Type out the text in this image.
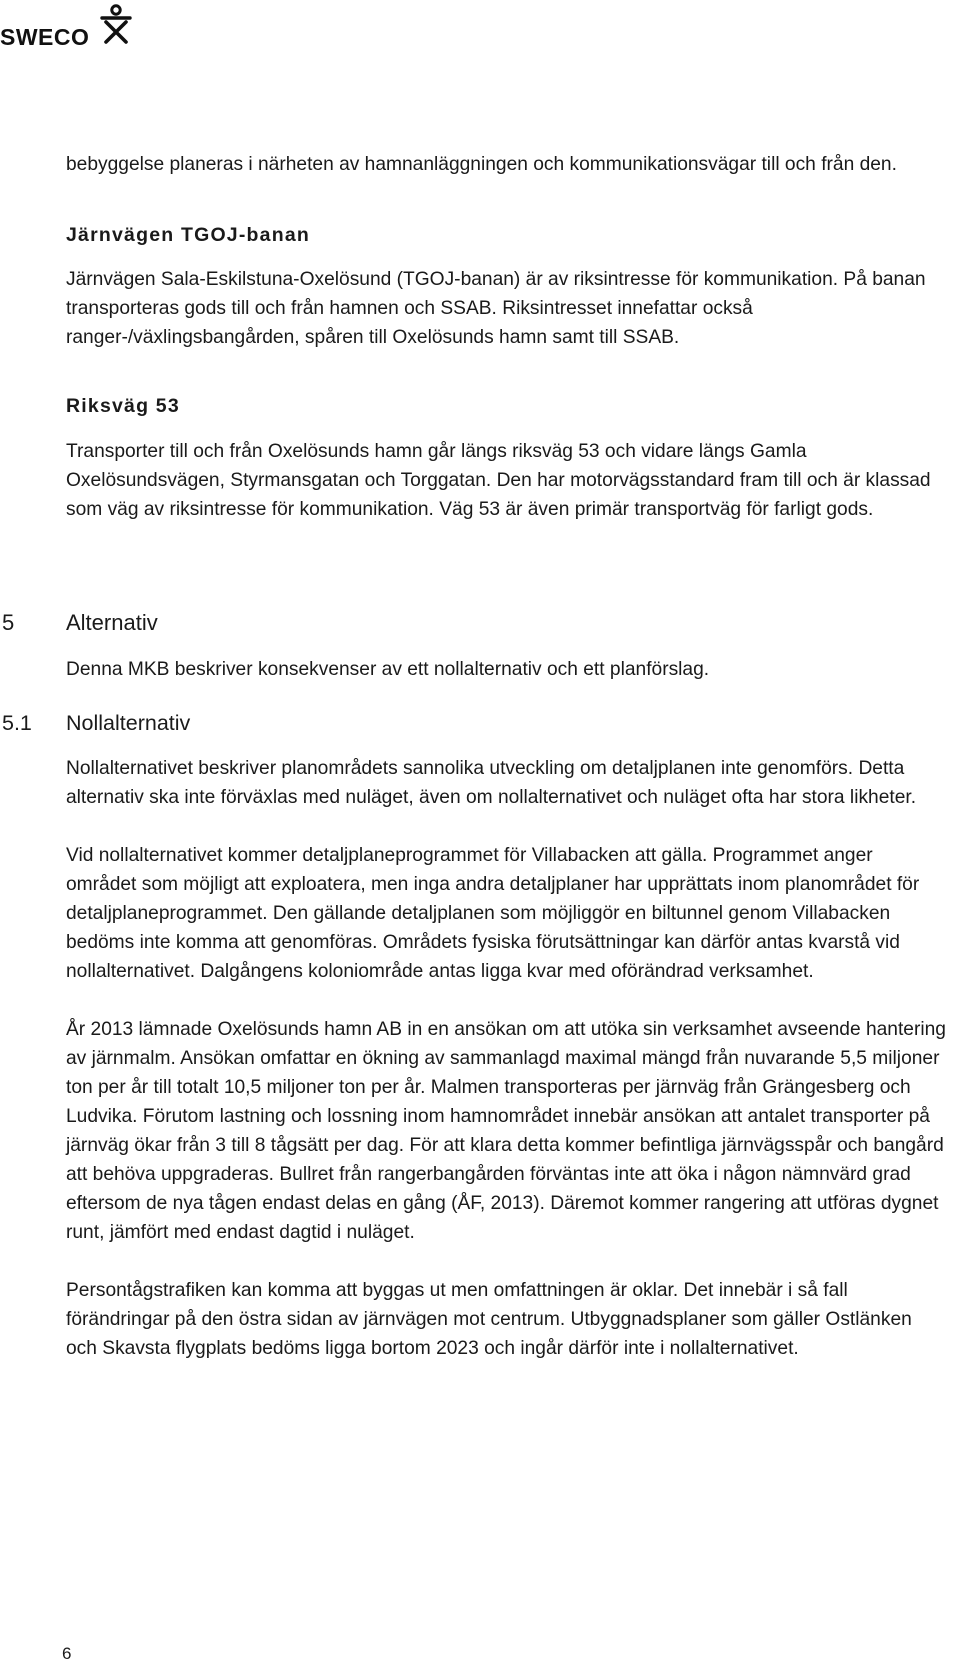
SWECO

bebyggelse planeras i närheten av hamnanläggningen och kommunikationsvägar till och från den.

Järnvägen TGOJ-banan

Järnvägen Sala-Eskilstuna-Oxelösund (TGOJ-banan) är av riksintresse för kommunikation. På banan transporteras gods till och från hamnen och SSAB. Riksintresset innefattar också ranger-/växlingsbangården, spåren till Oxelösunds hamn samt till SSAB.

Riksväg 53

Transporter till och från Oxelösunds hamn går längs riksväg 53 och vidare längs Gamla Oxelösundsvägen, Styrmansgatan och Torggatan. Den har motorvägsstandard fram till och är klassad som väg av riksintresse för kommunikation. Väg 53 är även primär transportväg för farligt gods.

5 Alternativ

Denna MKB beskriver konsekvenser av ett nollalternativ och ett planförslag.

5.1 Nollalternativ

Nollalternativet beskriver planområdets sannolika utveckling om detaljplanen inte genomförs. Detta alternativ ska inte förväxlas med nuläget, även om nollalternativet och nuläget ofta har stora likheter.

Vid nollalternativet kommer detaljplaneprogrammet för Villabacken att gälla. Programmet anger området som möjligt att exploatera, men inga andra detaljplaner har upprättats inom planområdet för detaljplaneprogrammet. Den gällande detaljplanen som möjliggör en biltunnel genom Villabacken bedöms inte komma att genomföras. Områdets fysiska förutsättningar kan därför antas kvarstå vid nollalternativet. Dalgångens koloniområde antas ligga kvar med oförändrad verksamhet.

År 2013 lämnade Oxelösunds hamn AB in en ansökan om att utöka sin verksamhet avseende hantering av järnmalm. Ansökan omfattar en ökning av sammanlagd maximal mängd från nuvarande 5,5 miljoner ton per år till totalt 10,5 miljoner ton per år. Malmen transporteras per järnväg från Grängesberg och Ludvika. Förutom lastning och lossning inom hamnområdet innebär ansökan att antalet transporter på järnväg ökar från 3 till 8 tågsätt per dag. För att klara detta kommer befintliga järnvägsspår och bangård att behöva uppgraderas. Bullret från rangerbangården förväntas inte att öka i någon nämnvärd grad eftersom de nya tågen endast delas en gång (ÅF, 2013). Däremot kommer rangering att utföras dygnet runt, jämfört med endast dagtid i nuläget.

Persontågstrafiken kan komma att byggas ut men omfattningen är oklar. Det innebär i så fall förändringar på den östra sidan av järnvägen mot centrum. Utbyggnadsplaner som gäller Ostlänken och Skavsta flygplats bedöms ligga bortom 2023 och ingår därför inte i nollalternativet.

6
